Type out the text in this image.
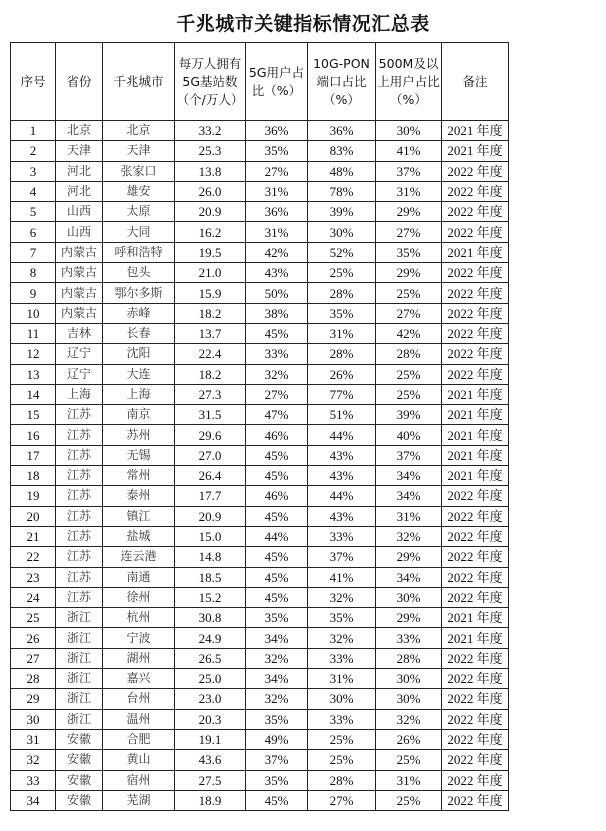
千兆城市关键指标情况汇总表
序号	省份	千兆城市	每万人拥有5G基站数（个/万人）	5G用户占比（%）	10G-PON端口占比（%）	500M及以上用户占比（%）	备注
1	北京	北京	33.2	36%	36%	30%	2021 年度
2	天津	天津	25.3	35%	83%	41%	2021 年度
3	河北	张家口	13.8	27%	48%	37%	2022 年度
4	河北	雄安	26.0	31%	78%	31%	2022 年度
5	山西	太原	20.9	36%	39%	29%	2022 年度
6	山西	大同	16.2	31%	30%	27%	2022 年度
7	内蒙古	呼和浩特	19.5	42%	52%	35%	2021 年度
8	内蒙古	包头	21.0	43%	25%	29%	2022 年度
9	内蒙古	鄂尔多斯	15.9	50%	28%	25%	2022 年度
10	内蒙古	赤峰	18.2	38%	35%	27%	2022 年度
11	吉林	长春	13.7	45%	31%	42%	2022 年度
12	辽宁	沈阳	22.4	33%	28%	28%	2022 年度
13	辽宁	大连	18.2	32%	26%	25%	2022 年度
14	上海	上海	27.3	27%	77%	25%	2021 年度
15	江苏	南京	31.5	47%	51%	39%	2021 年度
16	江苏	苏州	29.6	46%	44%	40%	2021 年度
17	江苏	无锡	27.0	45%	43%	37%	2021 年度
18	江苏	常州	26.4	45%	43%	34%	2021 年度
19	江苏	泰州	17.7	46%	44%	34%	2022 年度
20	江苏	镇江	20.9	45%	43%	31%	2022 年度
21	江苏	盐城	15.0	44%	33%	32%	2022 年度
22	江苏	连云港	14.8	45%	37%	29%	2022 年度
23	江苏	南通	18.5	45%	41%	34%	2022 年度
24	江苏	徐州	15.2	45%	32%	30%	2022 年度
25	浙江	杭州	30.8	35%	35%	29%	2021 年度
26	浙江	宁波	24.9	34%	32%	33%	2021 年度
27	浙江	湖州	26.5	32%	33%	28%	2022 年度
28	浙江	嘉兴	25.0	34%	31%	30%	2022 年度
29	浙江	台州	23.0	32%	30%	30%	2022 年度
30	浙江	温州	20.3	35%	33%	32%	2022 年度
31	安徽	合肥	19.1	49%	25%	26%	2022 年度
32	安徽	黄山	43.6	37%	25%	25%	2022 年度
33	安徽	宿州	27.5	35%	28%	31%	2022 年度
34	安徽	芜湖	18.9	45%	27%	25%	2022 年度
